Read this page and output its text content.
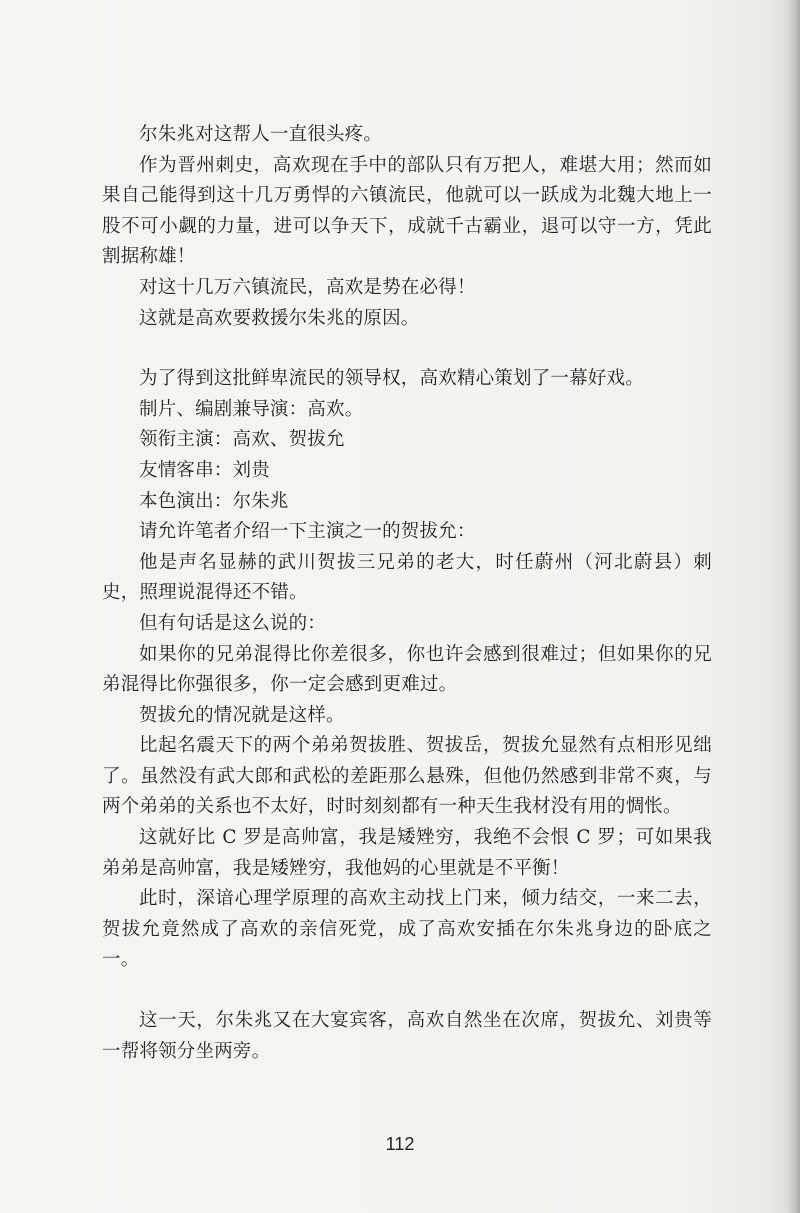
尔朱兆对这帮人一直很头疼。

作为晋州刺史，高欢现在手中的部队只有万把人，难堪大用；然而如果自己能得到这十几万勇悍的六镇流民，他就可以一跃成为北魏大地上一股不可小觑的力量，进可以争天下，成就千古霸业，退可以守一方，凭此割据称雄！

对这十几万六镇流民，高欢是势在必得！

这就是高欢要救援尔朱兆的原因。

为了得到这批鲜卑流民的领导权，高欢精心策划了一幕好戏。

制片、编剧兼导演：高欢。

领衔主演：高欢、贺拔允

友情客串：刘贵

本色演出：尔朱兆

请允许笔者介绍一下主演之一的贺拔允：

他是声名显赫的武川贺拔三兄弟的老大，时任蔚州（河北蔚县）刺史，照理说混得还不错。

但有句话是这么说的：

如果你的兄弟混得比你差很多，你也许会感到很难过；但如果你的兄弟混得比你强很多，你一定会感到更难过。

贺拔允的情况就是这样。

比起名震天下的两个弟弟贺拔胜、贺拔岳，贺拔允显然有点相形见绌了。虽然没有武大郎和武松的差距那么悬殊，但他仍然感到非常不爽，与两个弟弟的关系也不太好，时时刻刻都有一种天生我材没有用的惆怅。

这就好比 C 罗是高帅富，我是矮矬穷，我绝不会恨 C 罗；可如果我弟弟是高帅富，我是矮矬穷，我他妈的心里就是不平衡！

此时，深谙心理学原理的高欢主动找上门来，倾力结交，一来二去，贺拔允竟然成了高欢的亲信死党，成了高欢安插在尔朱兆身边的卧底之一。

这一天，尔朱兆又在大宴宾客，高欢自然坐在次席，贺拔允、刘贵等一帮将领分坐两旁。

112
